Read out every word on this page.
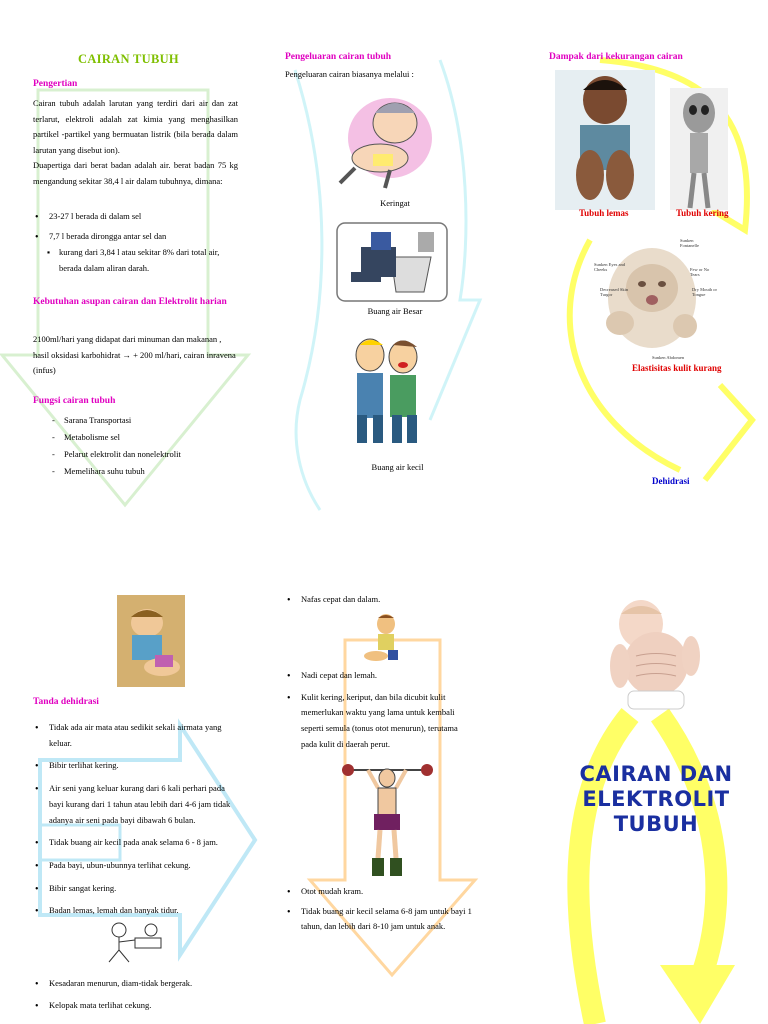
CAIRAN TUBUH
Pengertian
Cairan tubuh adalah larutan yang terdiri dari air dan zat terlarut, elektroli adalah zat kimia yang menghasilkan partikel -partikel yang bermuatan listrik (bila berada dalam larutan yang disebut ion).
Duapertiga dari berat badan adalah air. berat badan 75 kg mengandung sekitar 38,4 l air dalam tubuhnya, dimana:
• 23-27 l berada di dalam sel
• 7,7 l berada dirongga antar sel dan
▪	kurang dari 3,84 l atau sekitar 8% dari total air, berada dalam aliran darah.
Kebutuhan asupan cairan dan Elektrolit harian
2100ml/hari yang didapat dari minuman dan makanan , hasil oksidasi karbohidrat → + 200 ml/hari, cairan inravena (infus)
Fungsi cairan tubuh
- Sarana Transportasi
- Metabolisme sel
- Pelarut elektrolit dan nonelektrolit
- Memelihara suhu tubuh
Pengeluaran cairan tubuh
Pengeluaran cairan biasanya melalui :
Keringat
Buang air Besar
Buang air kecil
Dampak dari kekurangan cairan
Tubuh lemas	Tubuh kering
Sunken Fontanelle
Sunken Eyes and Cheeks	Few or No Tears
Decreased Skin Turgor
Dry Mouth or Tongue
Sunken Abdomen
Elastisitas kulit kurang
Dehidrasi
Tanda dehidrasi
• Tidak ada air mata atau sedikit sekali airmata yang keluar.
• Bibir terlihat kering.
• Air seni yang keluar kurang dari 6 kali perhari pada bayi kurang dari 1 tahun atau lebih dari 4-6 jam tidak adanya air seni pada bayi dibawah 6 bulan.
• Tidak buang air kecil pada anak selama 6 - 8 jam.
• Pada bayi, ubun-ubunnya terlihat cekung.
• Bibir sangat kering.
• Badan lemas, lemah dan banyak tidur.
• Kesadaran menurun, diam-tidak bergerak.
• Kelopak mata terlihat cekung.
• Nafas cepat dan dalam.
• Nadi cepat dan lemah.
• Kulit kering, keriput, dan bila dicubit kulit memerlukan waktu yang lama untuk kembali seperti semula (tonus otot menurun), terutama pada kulit di daerah perut.
• Otot mudah kram.
• Tidak buang air kecil selama 6-8 jam untuk bayi 1 tahun, dan lebih dari 8-10 jam untuk anak.
CAIRAN DAN
ELEKTROLIT
TUBUH
